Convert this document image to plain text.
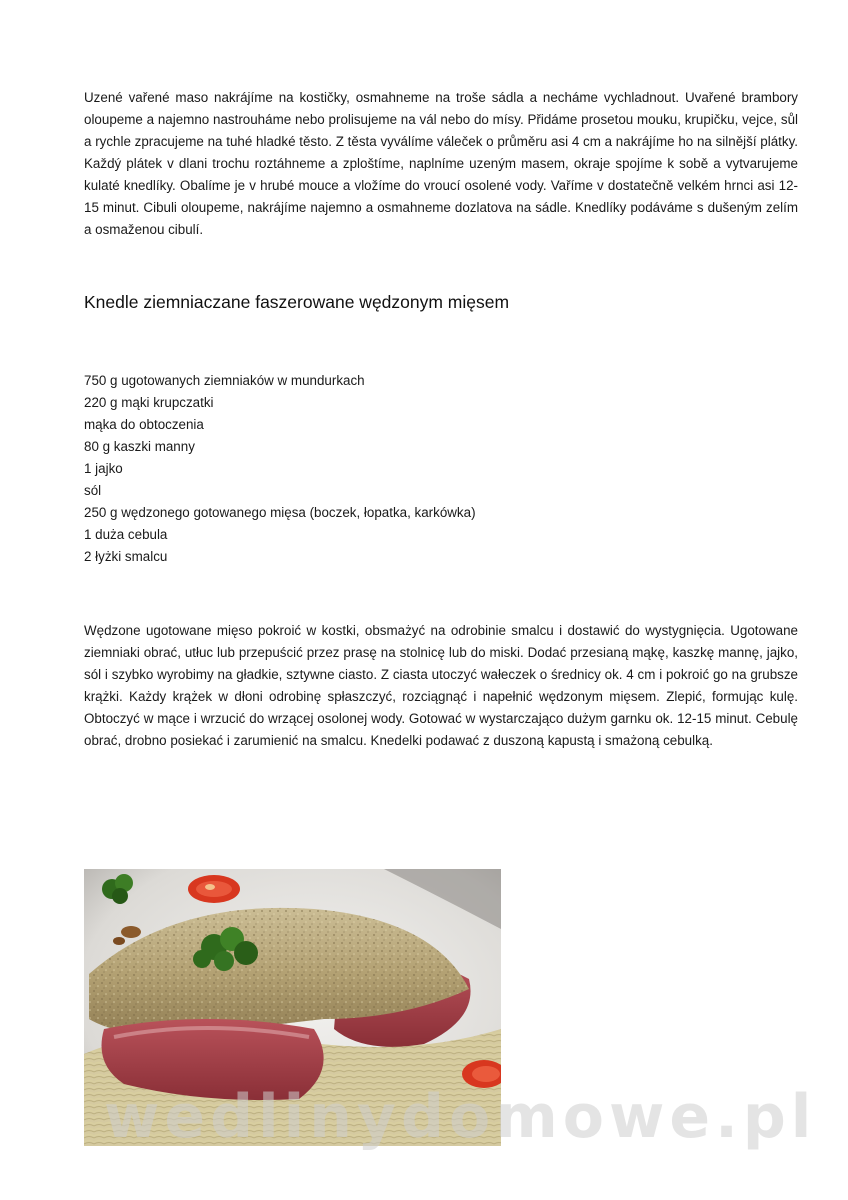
Uzené vařené maso nakrájíme na kostičky, osmahneme na troše sádla a necháme vychladnout. Uvařené brambory oloupeme a najemno nastrouháme nebo prolisujeme na vál nebo do mísy. Přidáme prosetou mouku, krupičku, vejce, sůl a rychle zpracujeme na tuhé hladké těsto. Z těsta vyválíme váleček o průměru asi 4 cm a nakrájíme ho na silnější plátky. Každý plátek v dlani trochu roztáhneme a zploštíme, naplníme uzeným masem, okraje spojíme k sobě a vytvarujeme kulaté knedlíky. Obalíme je v hrubé mouce a vložíme do vroucí osolené vody. Vaříme v dostatečně velkém hrnci asi 12-15 minut. Cibuli oloupeme, nakrájíme najemno a osmahneme dozlatova na sádle. Knedlíky podáváme s dušeným zelím a osmaženou cibulí.

Knedle ziemniaczane faszerowane wędzonym mięsem
750 g ugotowanych ziemniaków w mundurkach
220 g mąki krupczatki
mąka do obtoczenia
80 g kaszki manny
1 jajko
sól
250 g wędzonego gotowanego mięsa (boczek, łopatka, karkówka)
1 duża cebula
2 łyżki smalcu

Wędzone ugotowane mięso pokroić w kostki, obsmażyć na odrobinie smalcu i dostawić do wystygnięcia. Ugotowane ziemniaki obrać, utłuc lub przepuścić przez prasę na stolnicę lub do miski. Dodać przesianą mąkę, kaszkę mannę, jajko, sól i szybko wyrobimy na gładkie, sztywne ciasto. Z ciasta utoczyć wałeczek o średnicy ok. 4 cm i pokroić go na grubsze krążki. Każdy krążek w dłoni odrobinę spłaszczyć, rozciągnąć i napełnić wędzonym mięsem. Zlepić, formując kulę. Obtoczyć w mące i wrzucić do wrzącej osolonej wody. Gotować w wystarczająco dużym garnku ok. 12-15 minut. Cebulę obrać, drobno posiekać i zarumienić na smalcu. Knedelki podawać z duszoną kapustą i smażoną cebulką.

wedlinydomowe.pl
